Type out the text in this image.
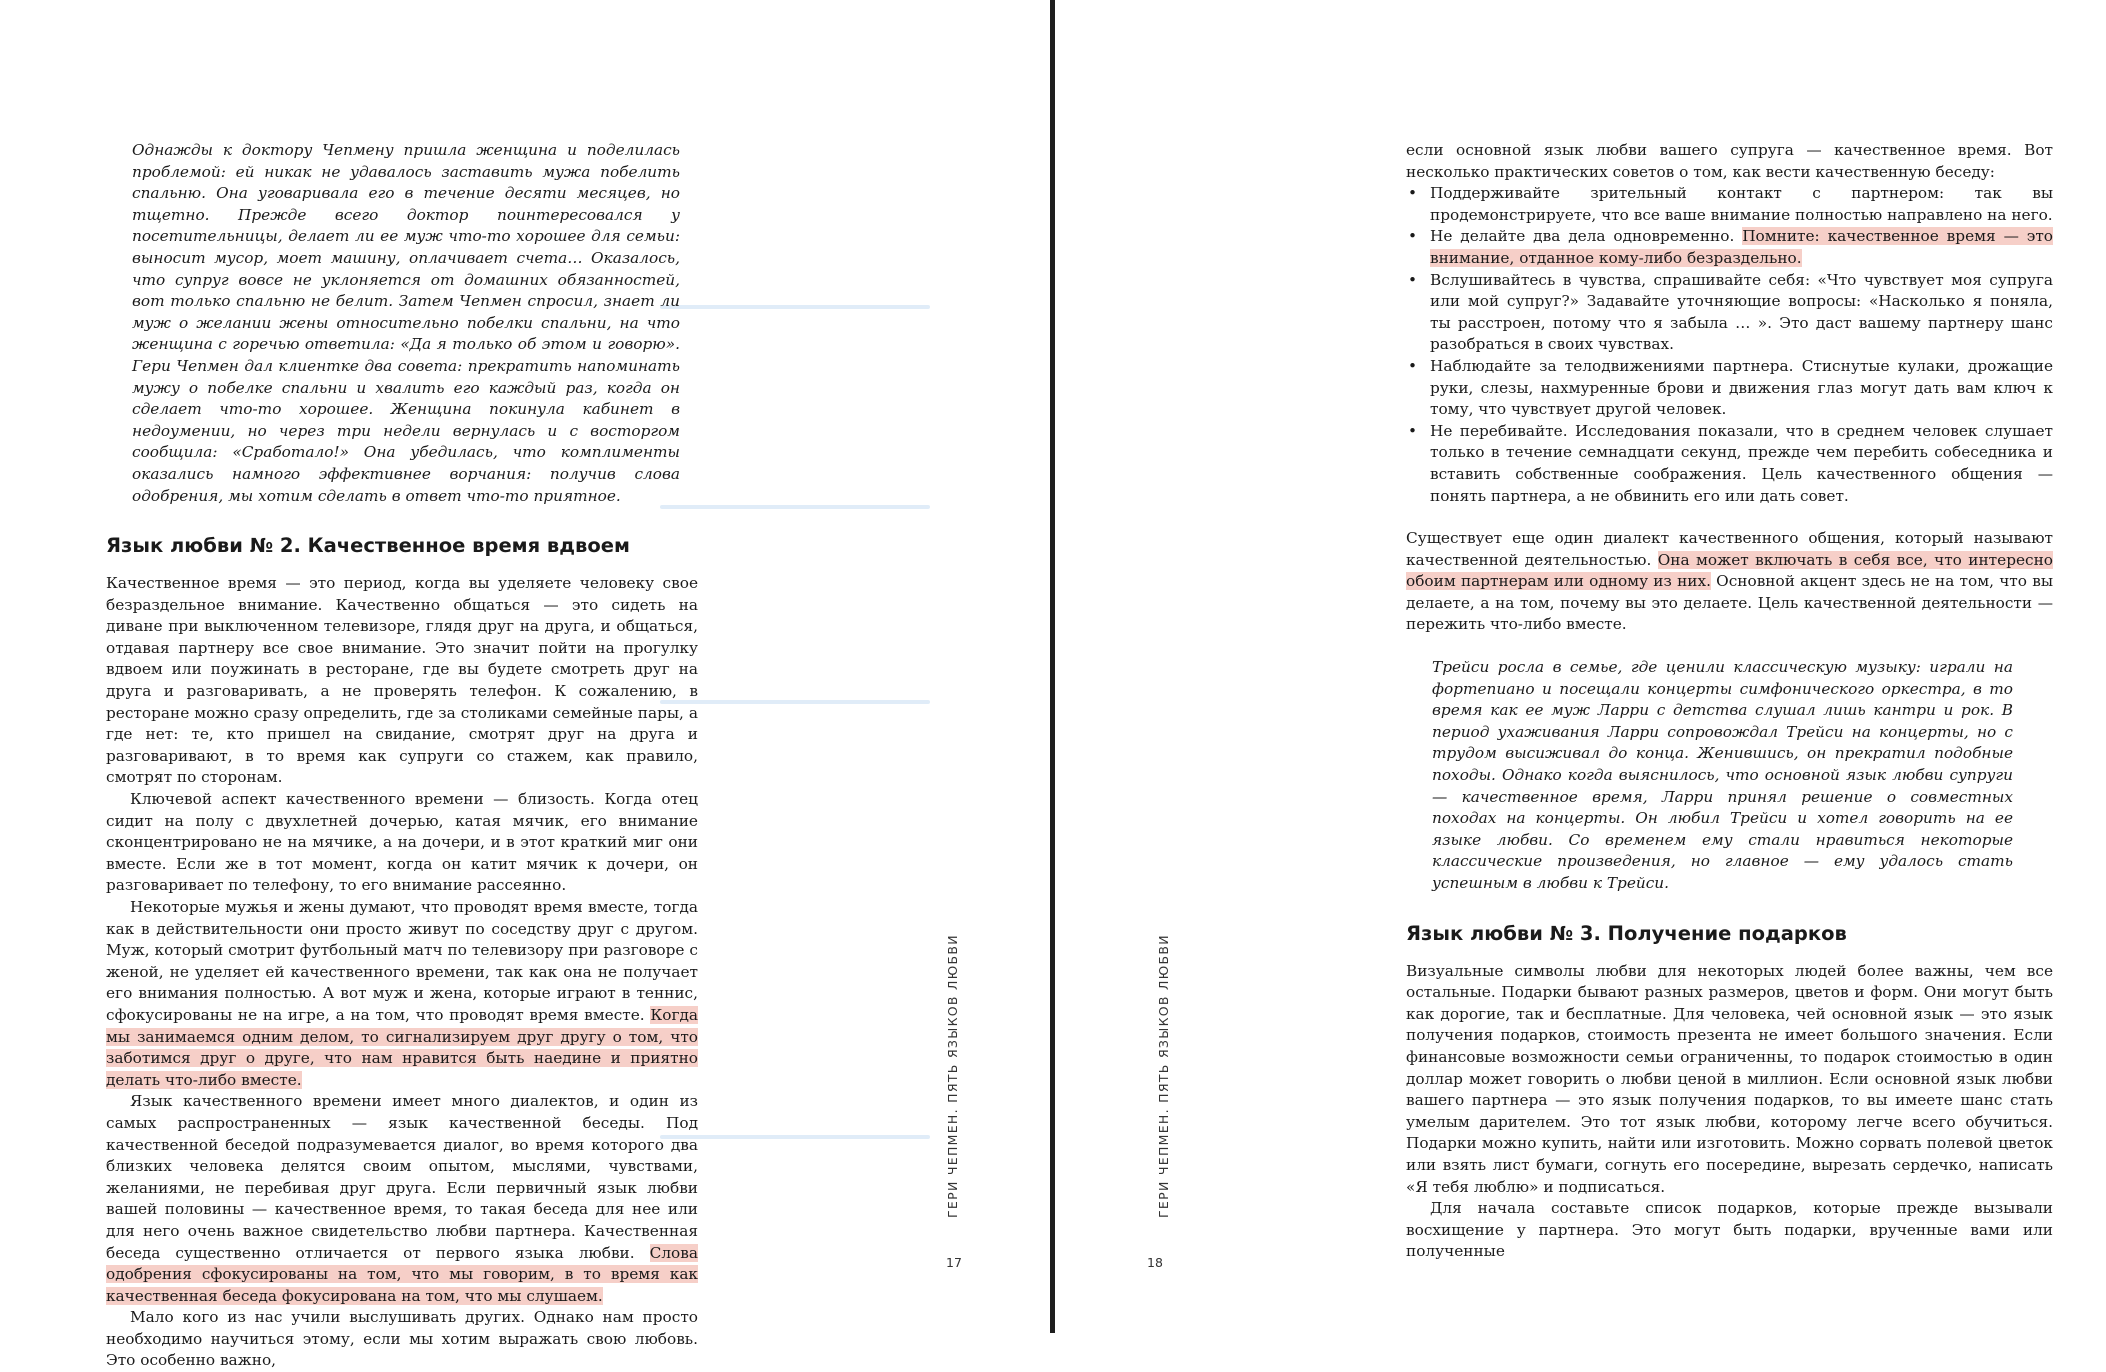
Однажды к доктору Чепмену пришла женщина и поделилась проблемой: ей никак не удавалось заставить мужа побелить спальню. Она уговаривала его в течение десяти месяцев, но тщетно. Прежде всего доктор поинтересовался у посетительницы, делает ли ее муж что-то хорошее для семьи: выносит мусор, моет машину, оплачивает счета… Оказалось, что супруг вовсе не уклоняется от домашних обязанностей, вот только спальню не белит. Затем Чепмен спросил, знает ли муж о желании жены относительно побелки спальни, на что женщина с горечью ответила: «Да я только об этом и говорю». Гери Чепмен дал клиентке два совета: прекратить напоминать мужу о побелке спальни и хвалить его каждый раз, когда он сделает что-то хорошее. Женщина покинула кабинет в недоумении, но через три недели вернулась и с восторгом сообщила: «Сработало!» Она убедилась, что комплименты оказались намного эффективнее ворчания: получив слова одобрения, мы хотим сделать в ответ что-то приятное.

Язык любви № 2. Качественное время вдвоем

Качественное время — это период, когда вы уделяете человеку свое безраздельное внимание. Качественно общаться — это сидеть на диване при выключенном телевизоре, глядя друг на друга, и общаться, отдавая партнеру все свое внимание. Это значит пойти на прогулку вдвоем или поужинать в ресторане, где вы будете смотреть друг на друга и разговаривать, а не проверять телефон. К сожалению, в ресторане можно сразу определить, где за столиками семейные пары, а где нет: те, кто пришел на свидание, смотрят друг на друга и разговаривают, в то время как супруги со стажем, как правило, смотрят по сторонам.

Ключевой аспект качественного времени — близость. Когда отец сидит на полу с двухлетней дочерью, катая мячик, его внимание сконцентрировано не на мячике, а на дочери, и в этот краткий миг они вместе. Если же в тот момент, когда он катит мячик к дочери, он разговаривает по телефону, то его внимание рассеянно.

Некоторые мужья и жены думают, что проводят время вместе, тогда как в действительности они просто живут по соседству друг с другом. Муж, который смотрит футбольный матч по телевизору при разговоре с женой, не уделяет ей качественного времени, так как она не получает его внимания полностью. А вот муж и жена, которые играют в теннис, сфокусированы не на игре, а на том, что проводят время вместе. Когда мы занимаемся одним делом, то сигнализируем друг другу о том, что заботимся друг о друге, что нам нравится быть наедине и приятно делать что-либо вместе.

Язык качественного времени имеет много диалектов, и один из самых распространенных — язык качественной беседы. Под качественной беседой подразумевается диалог, во время которого два близких человека делятся своим опытом, мыслями, чувствами, желаниями, не перебивая друг друга. Если первичный язык любви вашей половины — качественное время, то такая беседа для нее или для него очень важное свидетельство любви партнера. Качественная беседа существенно отличается от первого языка любви. Слова одобрения сфокусированы на том, что мы говорим, в то время как качественная беседа фокусирована на том, что мы слушаем.

Мало кого из нас учили выслушивать других. Однако нам просто необходимо научиться этому, если мы хотим выражать свою любовь. Это особенно важно,

ГЕРИ ЧЕПМЕН. ПЯТЬ ЯЗЫКОВ ЛЮБВИ
17

если основной язык любви вашего супруга — качественное время. Вот несколько практических советов о том, как вести качественную беседу:

• Поддерживайте зрительный контакт с партнером: так вы продемонстрируете, что все ваше внимание полностью направлено на него.
• Не делайте два дела одновременно. Помните: качественное время — это внимание, отданное кому-либо безраздельно.
• Вслушивайтесь в чувства, спрашивайте себя: «Что чувствует моя супруга или мой супруг?» Задавайте уточняющие вопросы: «Насколько я поняла, ты расстроен, потому что я забыла … ». Это даст вашему партнеру шанс разобраться в своих чувствах.
• Наблюдайте за телодвижениями партнера. Стиснутые кулаки, дрожащие руки, слезы, нахмуренные брови и движения глаз могут дать вам ключ к тому, что чувствует другой человек.
• Не перебивайте. Исследования показали, что в среднем человек слушает только в течение семнадцати секунд, прежде чем перебить собеседника и вставить собственные соображения. Цель качественного общения — понять партнера, а не обвинить его или дать совет.

Существует еще один диалект качественного общения, который называют качественной деятельностью. Она может включать в себя все, что интересно обоим партнерам или одному из них. Основной акцент здесь не на том, что вы делаете, а на том, почему вы это делаете. Цель качественной деятельности — пережить что-либо вместе.

Трейси росла в семье, где ценили классическую музыку: играли на фортепиано и посещали концерты симфонического оркестра, в то время как ее муж Ларри с детства слушал лишь кантри и рок. В период ухаживания Ларри сопровождал Трейси на концерты, но с трудом высиживал до конца. Женившись, он прекратил подобные походы. Однако когда выяснилось, что основной язык любви супруги — качественное время, Ларри принял решение о совместных походах на концерты. Он любил Трейси и хотел говорить на ее языке любви. Со временем ему стали нравиться некоторые классические произведения, но главное — ему удалось стать успешным в любви к Трейси.

Язык любви № 3. Получение подарков

Визуальные символы любви для некоторых людей более важны, чем все остальные. Подарки бывают разных размеров, цветов и форм. Они могут быть как дорогие, так и бесплатные. Для человека, чей основной язык — это язык получения подарков, стоимость презента не имеет большого значения. Если финансовые возможности семьи ограниченны, то подарок стоимостью в один доллар может говорить о любви ценой в миллион. Если основной язык любви вашего партнера — это язык получения подарков, то вы имеете шанс стать умелым дарителем. Это тот язык любви, которому легче всего обучиться. Подарки можно купить, найти или изготовить. Можно сорвать полевой цветок или взять лист бумаги, согнуть его посередине, вырезать сердечко, написать «Я тебя люблю» и подписаться.

Для начала составьте список подарков, которые прежде вызывали восхищение у партнера. Это могут быть подарки, врученные вами или полученные

ГЕРИ ЧЕПМЕН. ПЯТЬ ЯЗЫКОВ ЛЮБВИ
18
